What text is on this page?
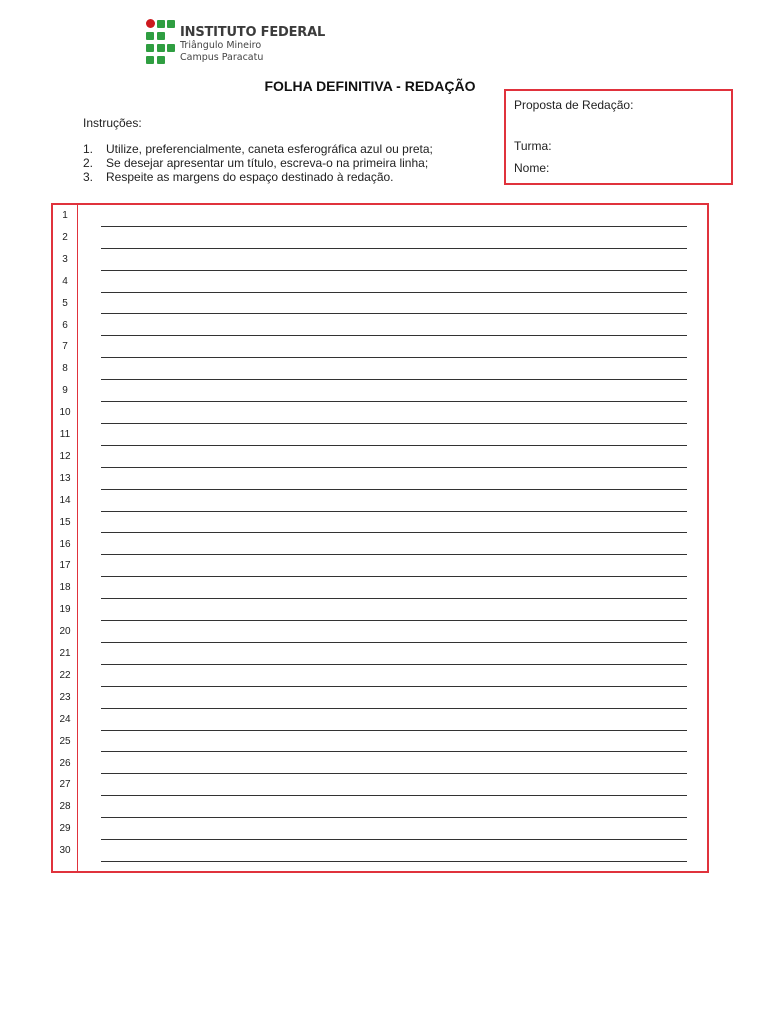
INSTITUTO FEDERAL
Triângulo Mineiro
Campus Paracatu
FOLHA DEFINITIVA - REDAÇÃO
Proposta de Redação:
Turma:
Nome:
Instruções:
1.	Utilize, preferencialmente, caneta esferográfica azul ou preta;
2.	Se desejar apresentar um título, escreva-o na primeira linha;
3.	Respeite as margens do espaço destinado à redação.
1
2
3
4
5
6
7
8
9
10
11
12
13
14
15
16
17
18
19
20
21
22
23
24
25
26
27
28
29
30
